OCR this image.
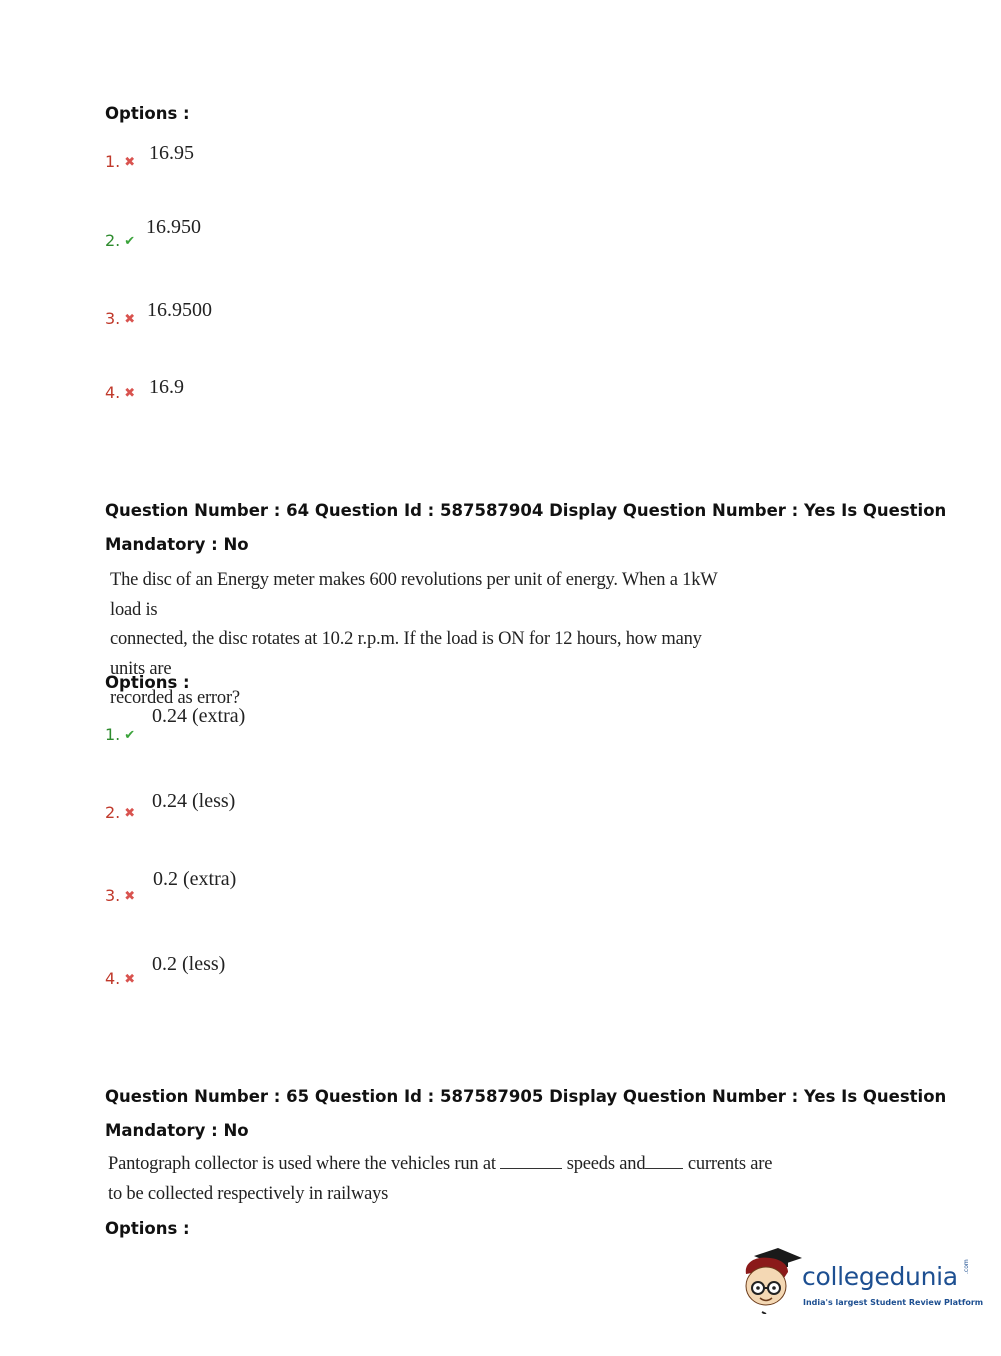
Options :
1. ✖ 16.95
2. ✔
16.950
3. ✖ 16.9500
4. ✖ 16.9
Question Number : 64 Question Id : 587587904 Display Question Number : Yes Is Question
Mandatory : No
The disc of an Energy meter makes 600 revolutions per unit of energy. When a 1kW load is
connected, the disc rotates at 10.2 r.p.m. If the load is ON for 12 hours, how many units are
recorded as error?
Options :
1. ✔
0.24 (extra)
2. ✖
0.24 (less)
3. ✖
0.2 (extra)
4. ✖
0.2 (less)
Question Number : 65 Question Id : 587587905 Display Question Number : Yes Is Question
Mandatory : No
Pantograph collector is used where the vehicles run at	speeds and currents are
to be collected respectively in railways
Options :
collegedunia .com
India's largest Student Review Platform
